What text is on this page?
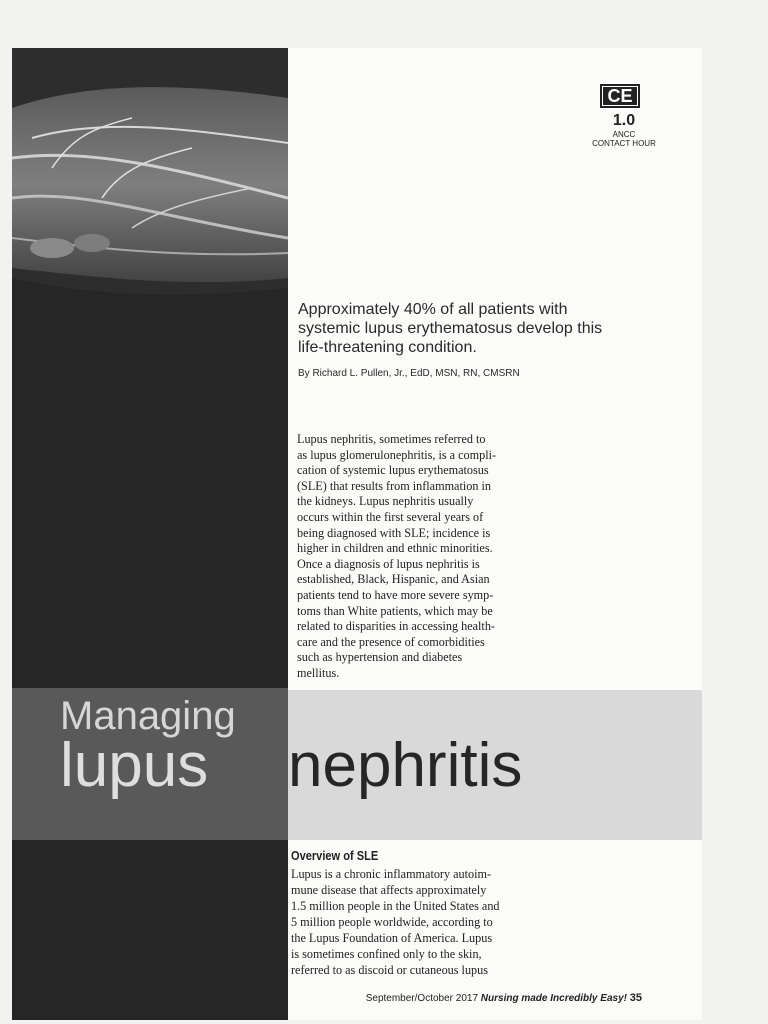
CE
1.0
ANCC
CONTACT HOUR
Approximately 40% of all patients with systemic lupus erythematosus develop this life-threatening condition.
By Richard L. Pullen, Jr., EdD, MSN, RN, CMSRN
Lupus nephritis, sometimes referred to
as lupus glomerulonephritis, is a compli-
cation of systemic lupus erythematosus
(SLE) that results from inflammation in
the kidneys. Lupus nephritis usually
occurs within the first several years of
being diagnosed with SLE; incidence is
higher in children and ethnic minorities.
Once a diagnosis of lupus nephritis is
established, Black, Hispanic, and Asian
patients tend to have more severe symp-
toms than White patients, which may be
related to disparities in accessing health-
care and the presence of comorbidities
such as hypertension and diabetes
mellitus.
Managing
lupus nephritis
Overview of SLE
Lupus is a chronic inflammatory autoim-
mune disease that affects approximately
1.5 million people in the United States and
5 million people worldwide, according to
the Lupus Foundation of America. Lupus
is sometimes confined only to the skin,
referred to as discoid or cutaneous lupus
September/October 2017 Nursing made Incredibly Easy! 35
